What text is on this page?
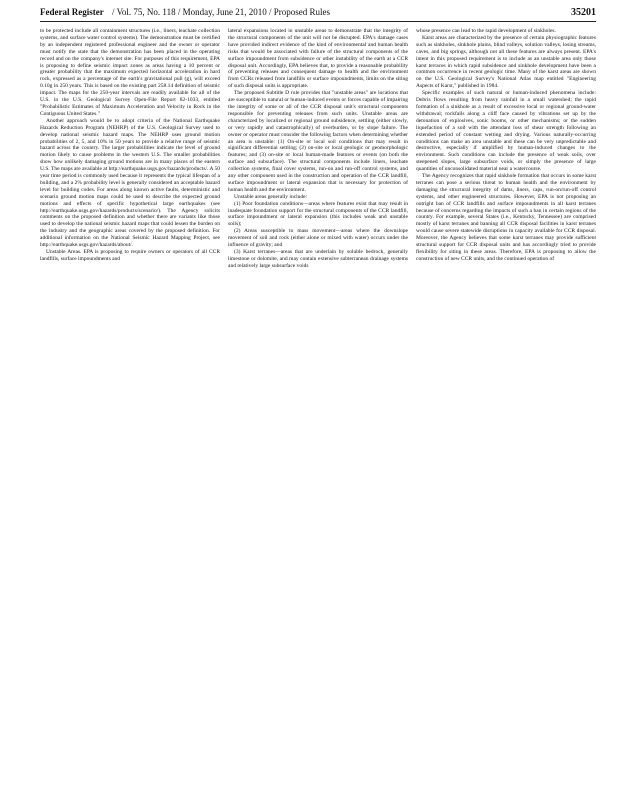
Federal Register / Vol. 75, No. 118 / Monday, June 21, 2010 / Proposed Rules	35201

to be protected include all containment structures (i.e., liners, leachate collection systems, and surface water control systems). The demonstration must be certified by an independent registered professional engineer and the owner or operator must notify the state that the demonstration has been placed in the operating record and on the company's internet site. For purposes of this requirement, EPA is proposing to define seismic impact zones as areas having a 10 percent or greater probability that the maximum expected horizontal acceleration in hard rock, expressed as a percentage of the earth's gravitational pull (g), will exceed 0.10g in 250 years. This is based on the existing part 258.14 definition of seismic impact. The maps for the 250-year intervals are readily available for all of the U.S. in the U.S. Geological Survey Open-File Report 82-1033, entitled "Probabilistic Estimates of Maximum Acceleration and Velocity in Rock in the Contiguous United States."

Another approach would be to adopt criteria of the National Earthquake Hazards Reduction Program (NEHRP) of the U.S. Geological Survey used to develop national seismic hazard maps. The NEHRP uses ground motion probabilities of 2, 5, and 10% in 50 years to provide a relative range of seismic hazard across the country. The larger probabilities indicate the level of ground motion likely to cause problems in the western U.S. The smaller probabilities show how unlikely damaging ground motions are in many places of the eastern U.S. The maps are available at http://earthquake.usgs.gov/hazards/products/. A 50 year time period is commonly used because it represents the typical lifespan of a building, and a 2% probability level is generally considered an acceptable hazard level for building codes. For areas along known active faults, deterministic and scenario ground motion maps could be used to describe the expected ground motions and effects of specific hypothetical large earthquakes (see http://earthquake.usgs.gov/hazards/products/scenario/). The Agency solicits comments on the proposed definition and whether there are variants like those used to develop the national seismic hazard maps that could lessen the burden on the industry and the geographic areas covered by the proposed definition. For additional information on the National Seismic Hazard Mapping Project, see http://earthquake.usgs.gov/hazards/about/.

Unstable Areas. EPA is proposing to require owners or operators of all CCR landfills, surface impoundments and

lateral expansions located in unstable areas to demonstrate that the integrity of the structural components of the unit will not be disrupted. EPA's damage cases have provided indirect evidence of the kind of environmental and human health risks that would be associated with failure of the structural components of the surface impoundment from subsidence or other instability of the earth at a CCR disposal unit. Accordingly, EPA believes that, to provide a reasonable probability of preventing releases and consequent damage to health and the environment from CCRs released from landfills or surface impoundments, limits on the siting of such disposal units is appropriate.

The proposed Subtitle D rule provides that "unstable areas" are locations that are susceptible to natural or human-induced events or forces capable of impairing the integrity of some or all of the CCR disposal unit's structural components responsible for preventing releases from such units. Unstable areas are characterized by localized or regional ground subsidence, settling (either slowly, or very rapidly and catastrophically) of overburden, or by slope failure. The owner or operator must consider the following factors when determining whether an area is unstable: (1) On-site or local soil conditions that may result in significant differential settling; (2) on-site or local geologic or geomorphologic features; and (3) on-site or local human-made features or events (on both the surface and subsurface). The structural components include liners, leachate collection systems, final cover systems, run-on and run-off control systems, and any other component used in the construction and operation of the CCR landfill, surface impoundment or lateral expansion that is necessary for protection of human health and the environment.

Unstable areas generally include:

(1) Poor foundation conditions—areas where features exist that may result in inadequate foundation support for the structural components of the CCR landfill, surface impoundment or lateral expansion (this includes weak and unstable soils);

(2) Areas susceptible to mass movement—areas where the downslope movement of soil and rock (either alone or mixed with water) occurs under the influence of gravity; and

(3) Karst terranes—areas that are underlain by soluble bedrock, generally limestone or dolomite, and may contain extensive subterranean drainage systems and relatively large subsurface voids

whose presence can lead to the rapid development of sinkholes.

Karst areas are characterized by the presence of certain physiographic features such as sinkholes, sinkhole plains, blind valleys, solution valleys, losing streams, caves, and big springs, although not all these features are always present. EPA's intent in this proposed requirement is to include as an unstable area only those karst terraces in which rapid subsidence and sinkhole development have been a common occurrence in recent geologic time. Many of the karst areas are shown on the U.S. Geological Survey's National Atlas map entitled "Engineering Aspects of Karst," published in 1984.

Specific examples of such natural or human-induced phenomena include: Debris flows resulting from heavy rainfall in a small watershed; the rapid formation of a sinkhole as a result of excessive local or regional ground-water withdrawal; rockfalls along a cliff face caused by vibrations set up by the detonation of explosives, sonic booms, or other mechanisms; or the sudden liquefaction of a soil with the attendant loss of shear strength following an extended period of constant wetting and drying. Various naturally-occurring conditions can make an area unstable and these can be very unpredictable and destructive, especially if amplified by human-induced changes to the environment. Such conditions can include the presence of weak soils, over steepened slopes, large subsurface voids, or simply the presence of large quantities of unconsolidated material near a watercourse.

The Agency recognizes that rapid sinkhole formation that occurs in some karst terranes can pose a serious threat to human health and the environment by damaging the structural integrity of dams, liners, caps, run-on/run-off control systems, and other engineered structures. However, EPA is not proposing an outright ban of CCR landfills and surface impoundments in all karst terranes because of concerns regarding the impacts of such a ban in certain regions of the country. For example, several States (i.e., Kentucky, Tennessee) are comprised mostly of karst terranes and banning all CCR disposal facilities in karst terranes would cause severe statewide disruptions in capacity available for CCR disposal. Moreover, the Agency believes that some karst terranes may provide sufficient structural support for CCR disposal units and has accordingly tried to provide flexibility for siting in these areas. Therefore, EPA is proposing to allow the construction of new CCR units, and the continued operation of
